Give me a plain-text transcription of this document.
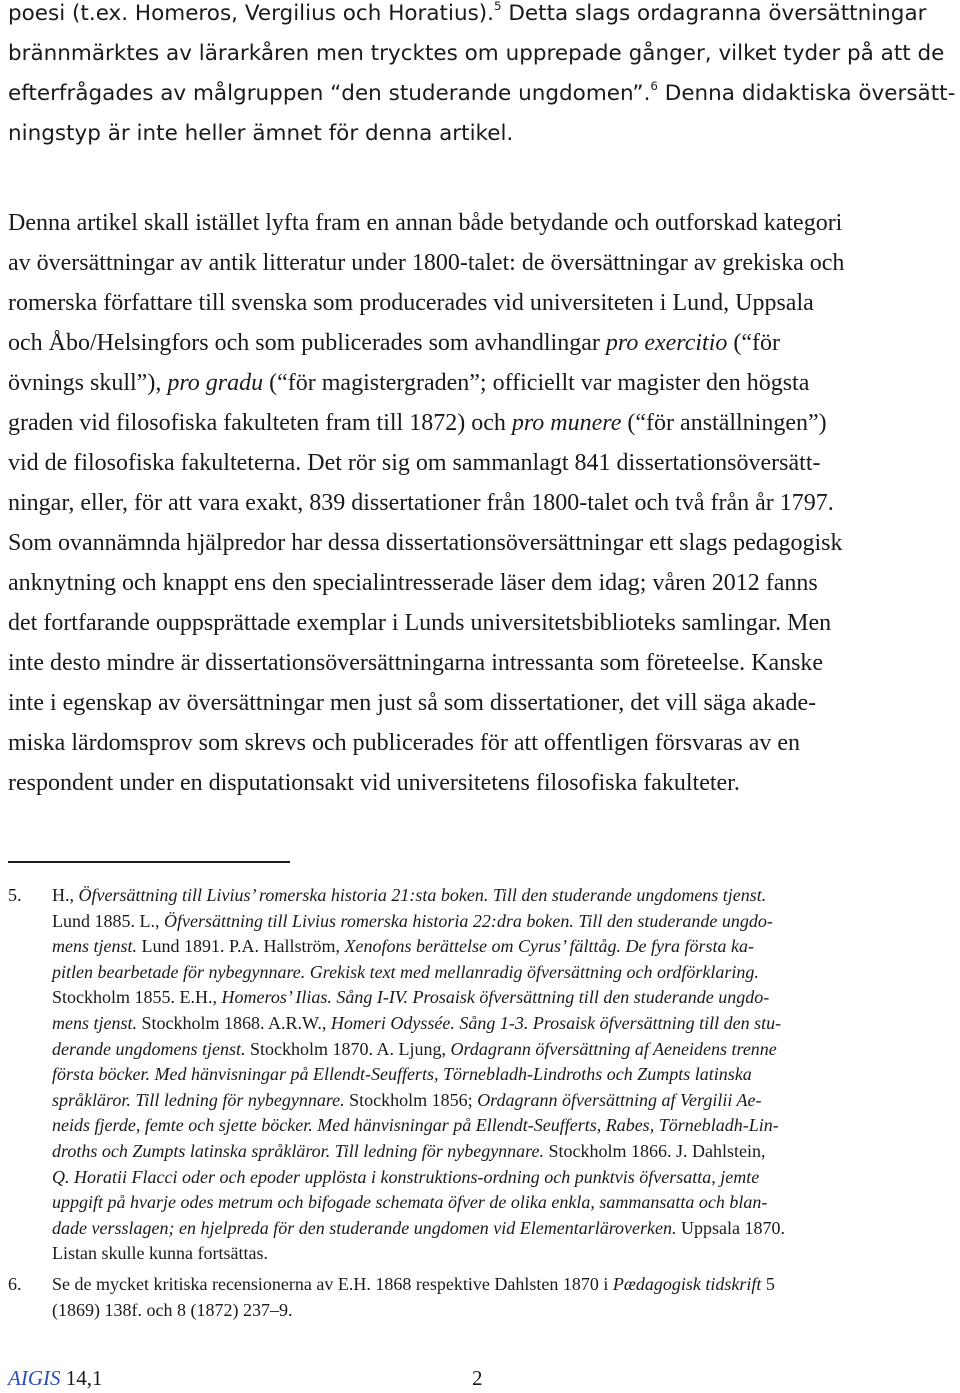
poesi (t.ex. Homeros, Vergilius och Horatius).$^5$ Detta slags ordagranna översättningar
brännmärktes av lärarkåren men trycktes om upprepade gånger, vilket tyder på att de
efterfrågades av målgruppen “den studerande ungdomen”.$^6$ Denna didaktiska översätt-
ningstyp är inte heller ämnet för denna artikel.
Denna artikel skall istället lyfta fram en annan både betydande och outforskad kategori
av översättningar av antik litteratur under 1800-talet: de översättningar av grekiska och
romerska författare till svenska som producerades vid universiteten i Lund, Uppsala
och Åbo/Helsingfors och som publicerades som avhandlingar pro exercitio (“för
övnings skull”), pro gradu (“för magistergraden”; officiellt var magister den högsta
graden vid filosofiska fakulteten fram till 1872) och pro munere (“för anställningen”)
vid de filosofiska fakulteterna. Det rör sig om sammanlagt 841 dissertationsöversätt-
ningar, eller, för att vara exakt, 839 dissertationer från 1800-talet och två från år 1797.
Som ovannämnda hjälpredor har dessa dissertationsöversättningar ett slags pedagogisk
anknytning och knappt ens den specialintresserade läser dem idag; våren 2012 fanns
det fortfarande ouppsprättade exemplar i Lunds universitetsbiblioteks samlingar. Men
inte desto mindre är dissertationsöversättningarna intressanta som företeelse. Kanske
inte i egenskap av översättningar men just så som dissertationer, det vill säga akade-
miska lärdomsprov som skrevs och publicerades för att offentligen försvaras av en
respondent under en disputationsakt vid universitetens filosofiska fakulteter.
5. H., Öfversättning till Livius’ romerska historia 21:sta boken. Till den studerande ungdomens tjenst.
Lund 1885. L., Öfversättning till Livius romerska historia 22:dra boken. Till den studerande ungdo-
mens tjenst. Lund 1891. P.A. Hallström, Xenofons berättelse om Cyrus’ fälttåg. De fyra första ka-
pitlen bearbetade för nybegynnare. Grekisk text med mellanradig öfversättning och ordförklaring.
Stockholm 1855. E.H., Homeros’ Ilias. Sång I-IV. Prosaisk öfversättning till den studerande ungdo-
mens tjenst. Stockholm 1868. A.R.W., Homeri Odyssée. Sång 1-3. Prosaisk öfversättning till den stu-
derande ungdomens tjenst. Stockholm 1870. A. Ljung, Ordagrann öfversättning af Aeneidens trenne
första böcker. Med hänvisningar på Ellendt-Seufferts, Törnebladh-Lindroths och Zumpts latinska
språkläror. Till ledning för nybegynnare. Stockholm 1856; Ordagrann öfversättning af Vergilii Ae-
neids fjerde, femte och sjette böcker. Med hänvisningar på Ellendt-Seufferts, Rabes, Törnebladh-Lin-
droths och Zumpts latinska språkläror. Till ledning för nybegynnare. Stockholm 1866. J. Dahlstein,
Q. Horatii Flacci oder och epoder upplösta i konstruktions-ordning och punktvis öfversatta, jemte
uppgift på hvarje odes metrum och bifogade schemata öfver de olika enkla, sammansatta och blan-
dade versslagen; en hjelpreda för den studerande ungdomen vid Elementarläroverken. Uppsala 1870.
Listan skulle kunna fortsättas.
6. Se de mycket kritiska recensionerna av E.H. 1868 respektive Dahlsten 1870 i Pædagogisk tidskrift 5
(1869) 138f. och 8 (1872) 237–9.
AIGIS 14,1	2
